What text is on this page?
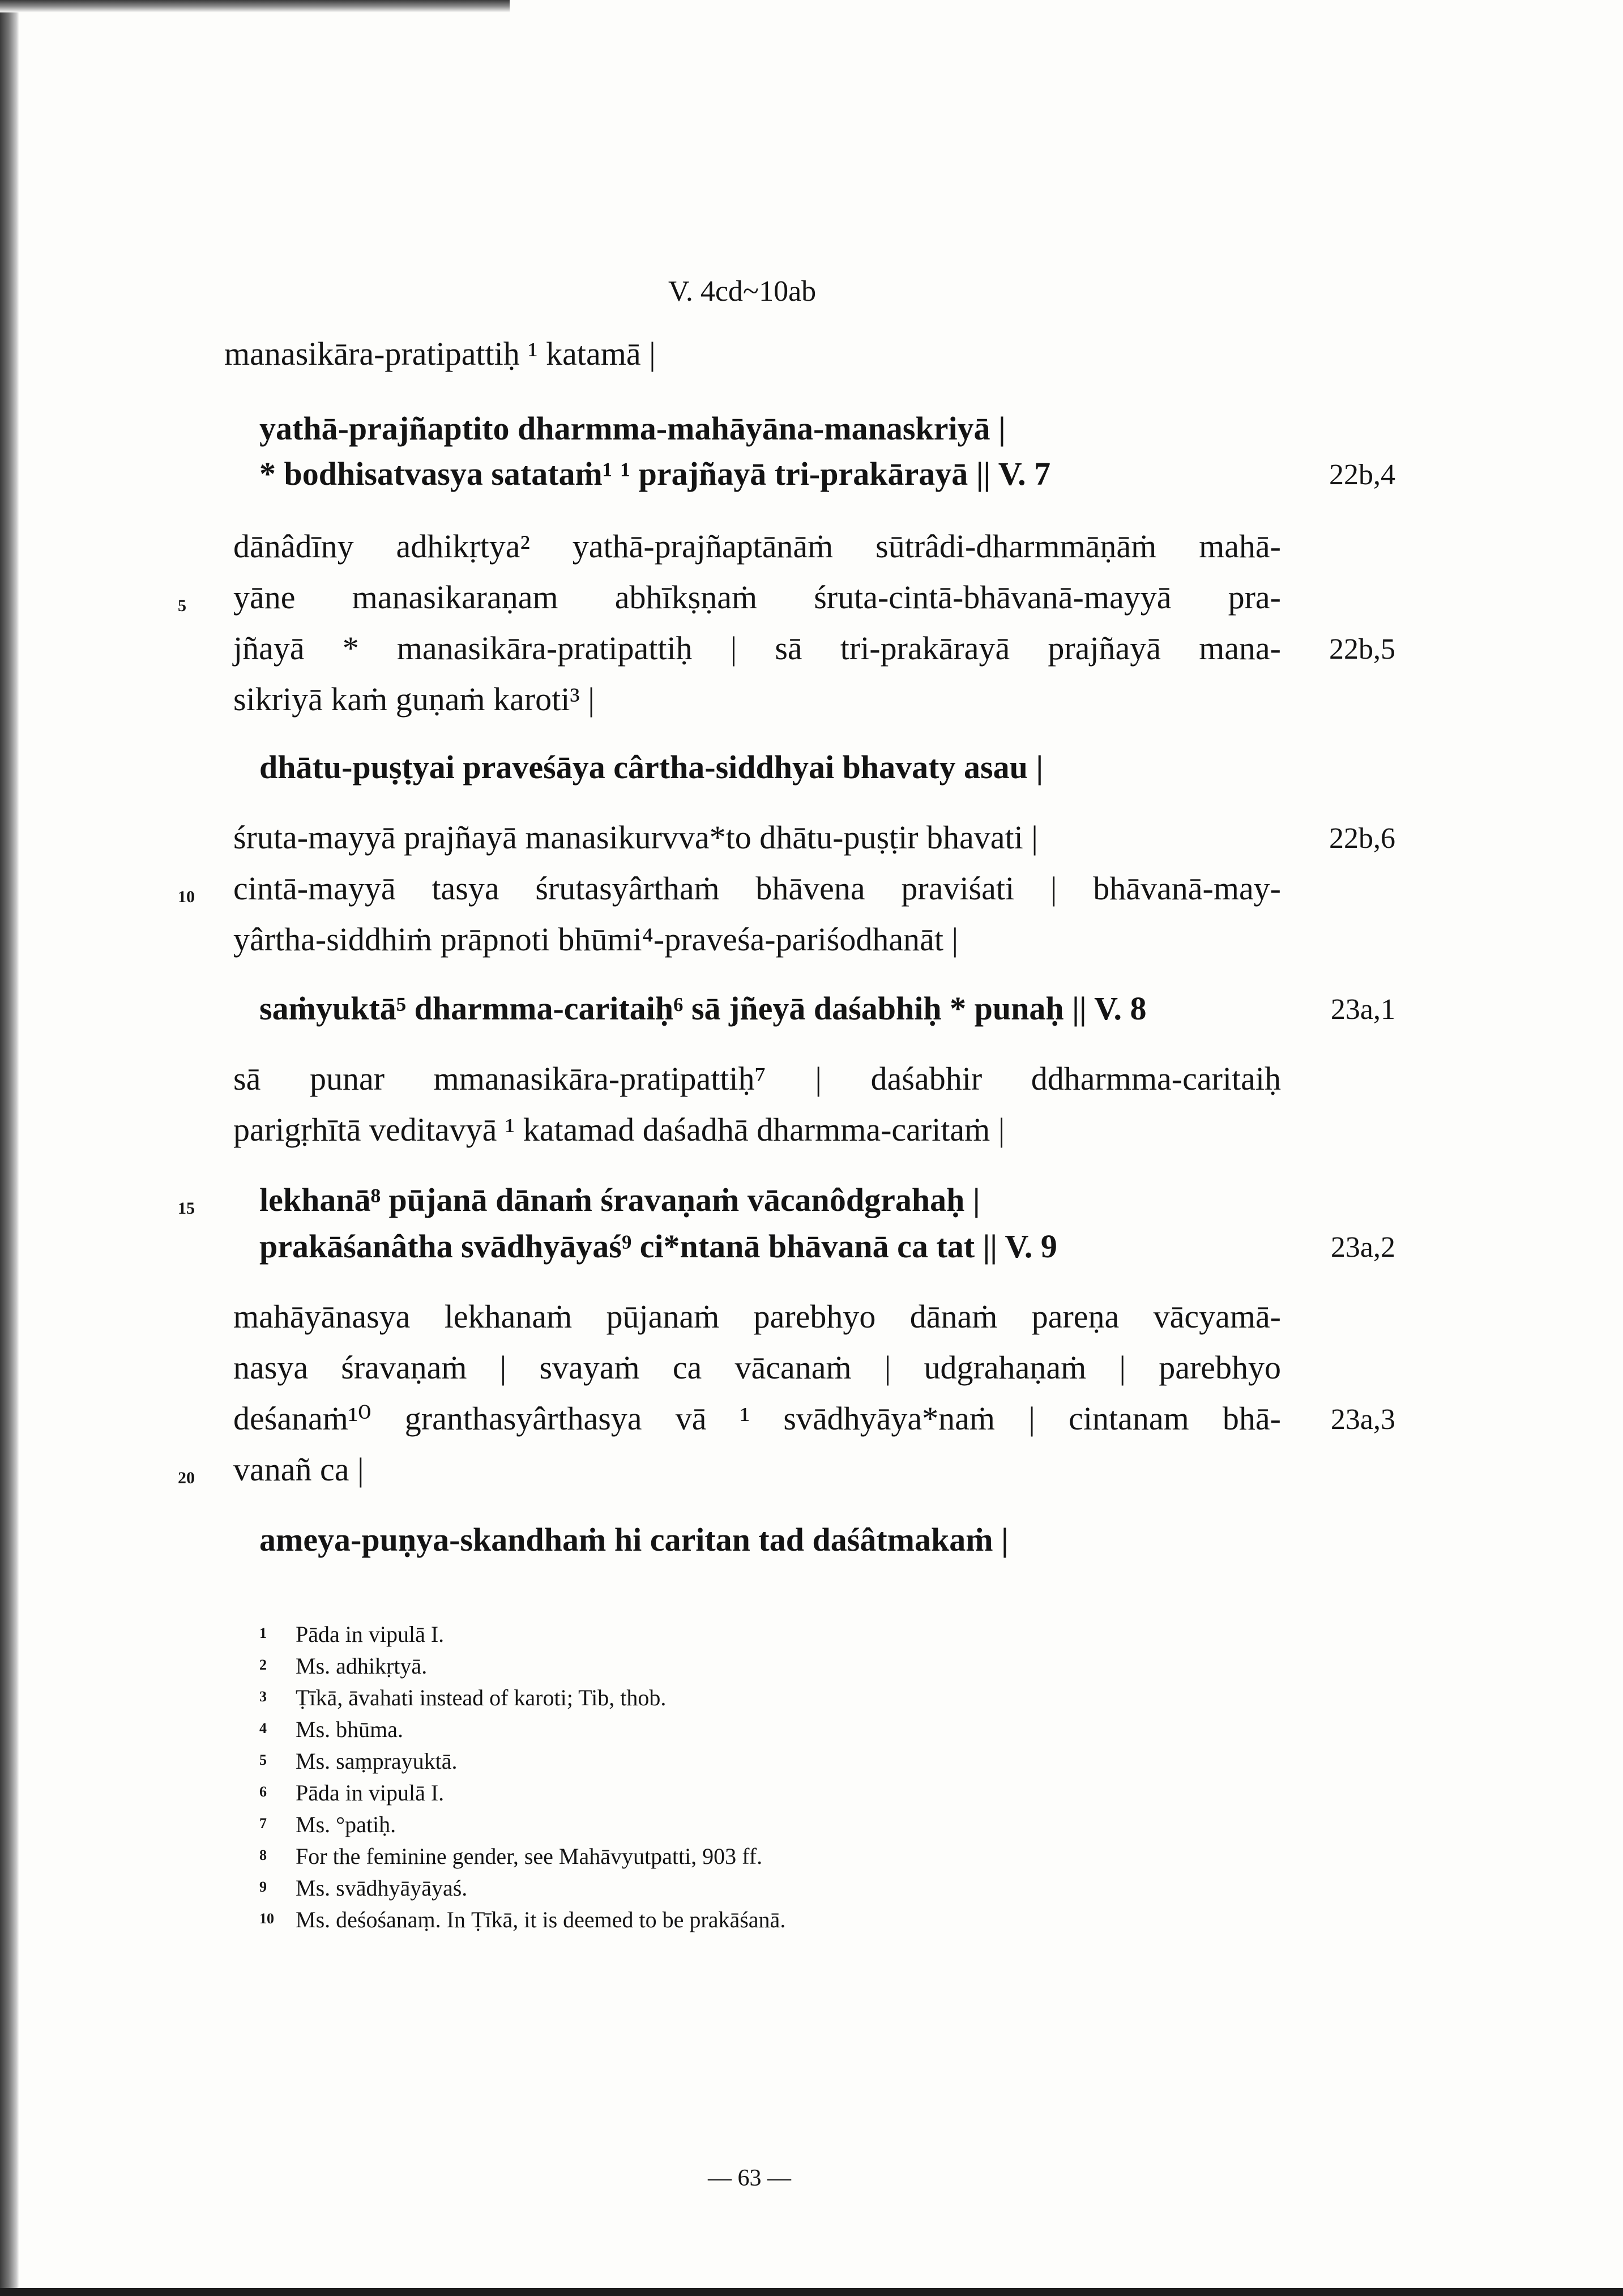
V. 4cd~10ab
manasikāra-pratipattiḥ ¹ katamā |
yathā-prajñaptito dharmma-mahāyāna-manaskriyā |
* bodhisatvasya satataṁ¹ ¹ prajñayā tri-prakārayā || V. 7
dānâdīny adhikṛtya² yathā-prajñaptānāṁ sūtrâdi-dharmmāṇāṁ mahā-
yāne manasikaraṇam abhīkṣṇaṁ śruta-cintā-bhāvanā-mayyā pra-
jñayā * manasikāra-pratipattiḥ | sā tri-prakārayā prajñayā mana-
sikriyā kaṁ guṇaṁ karoti³ |
dhātu-puṣṭyai praveśāya cârtha-siddhyai bhavaty asau |
śruta-mayyā prajñayā manasikurvva*to dhātu-puṣṭir bhavati |
cintā-mayyā tasya śrutasyârthaṁ bhāvena praviśati | bhāvanā-may-
yârtha-siddhiṁ prāpnoti bhūmi⁴-praveśa-pariśodhanāt |
saṁyuktā⁵ dharmma-caritaiḥ⁶ sā jñeyā daśabhiḥ * punaḥ || V. 8
sā punar mmanasikāra-pratipattiḥ⁷ | daśabhir ddharmma-caritaiḥ
parigṛhītā veditavyā ¹ katamad daśadhā dharmma-caritaṁ |
lekhanā⁸ pūjanā dānaṁ śravaṇaṁ vācanôdgrahaḥ |
prakāśanâtha svādhyāyaś⁹ ci*ntanā bhāvanā ca tat || V. 9
mahāyānasya lekhanaṁ pūjanaṁ parebhyo dānaṁ pareṇa vācyamā-
nasya śravaṇaṁ | svayaṁ ca vācanaṁ | udgrahaṇaṁ | parebhyo
deśanaṁ¹⁰ granthasyârthasya vā ¹ svādhyāya*naṁ | cintanam bhā-
vanañ ca |
ameya-puṇya-skandhaṁ hi caritan tad daśâtmakaṁ |
5
10
15
20
22b,4
22b,5
22b,6
23a,1
23a,2
23a,3
1 Pāda in vipulā I.
2 Ms. adhikṛtyā.
3 Ṭīkā, āvahati instead of karoti; Tib, thob.
4 Ms. bhūma.
5 Ms. saṃprayuktā.
6 Pāda in vipulā I.
7 Ms. °patiḥ.
8 For the feminine gender, see Mahāvyutpatti, 903 ff.
9 Ms. svādhyāyāyaś.
10 Ms. deśośanaṃ. In Ṭīkā, it is deemed to be prakāśanā.
— 63 —
